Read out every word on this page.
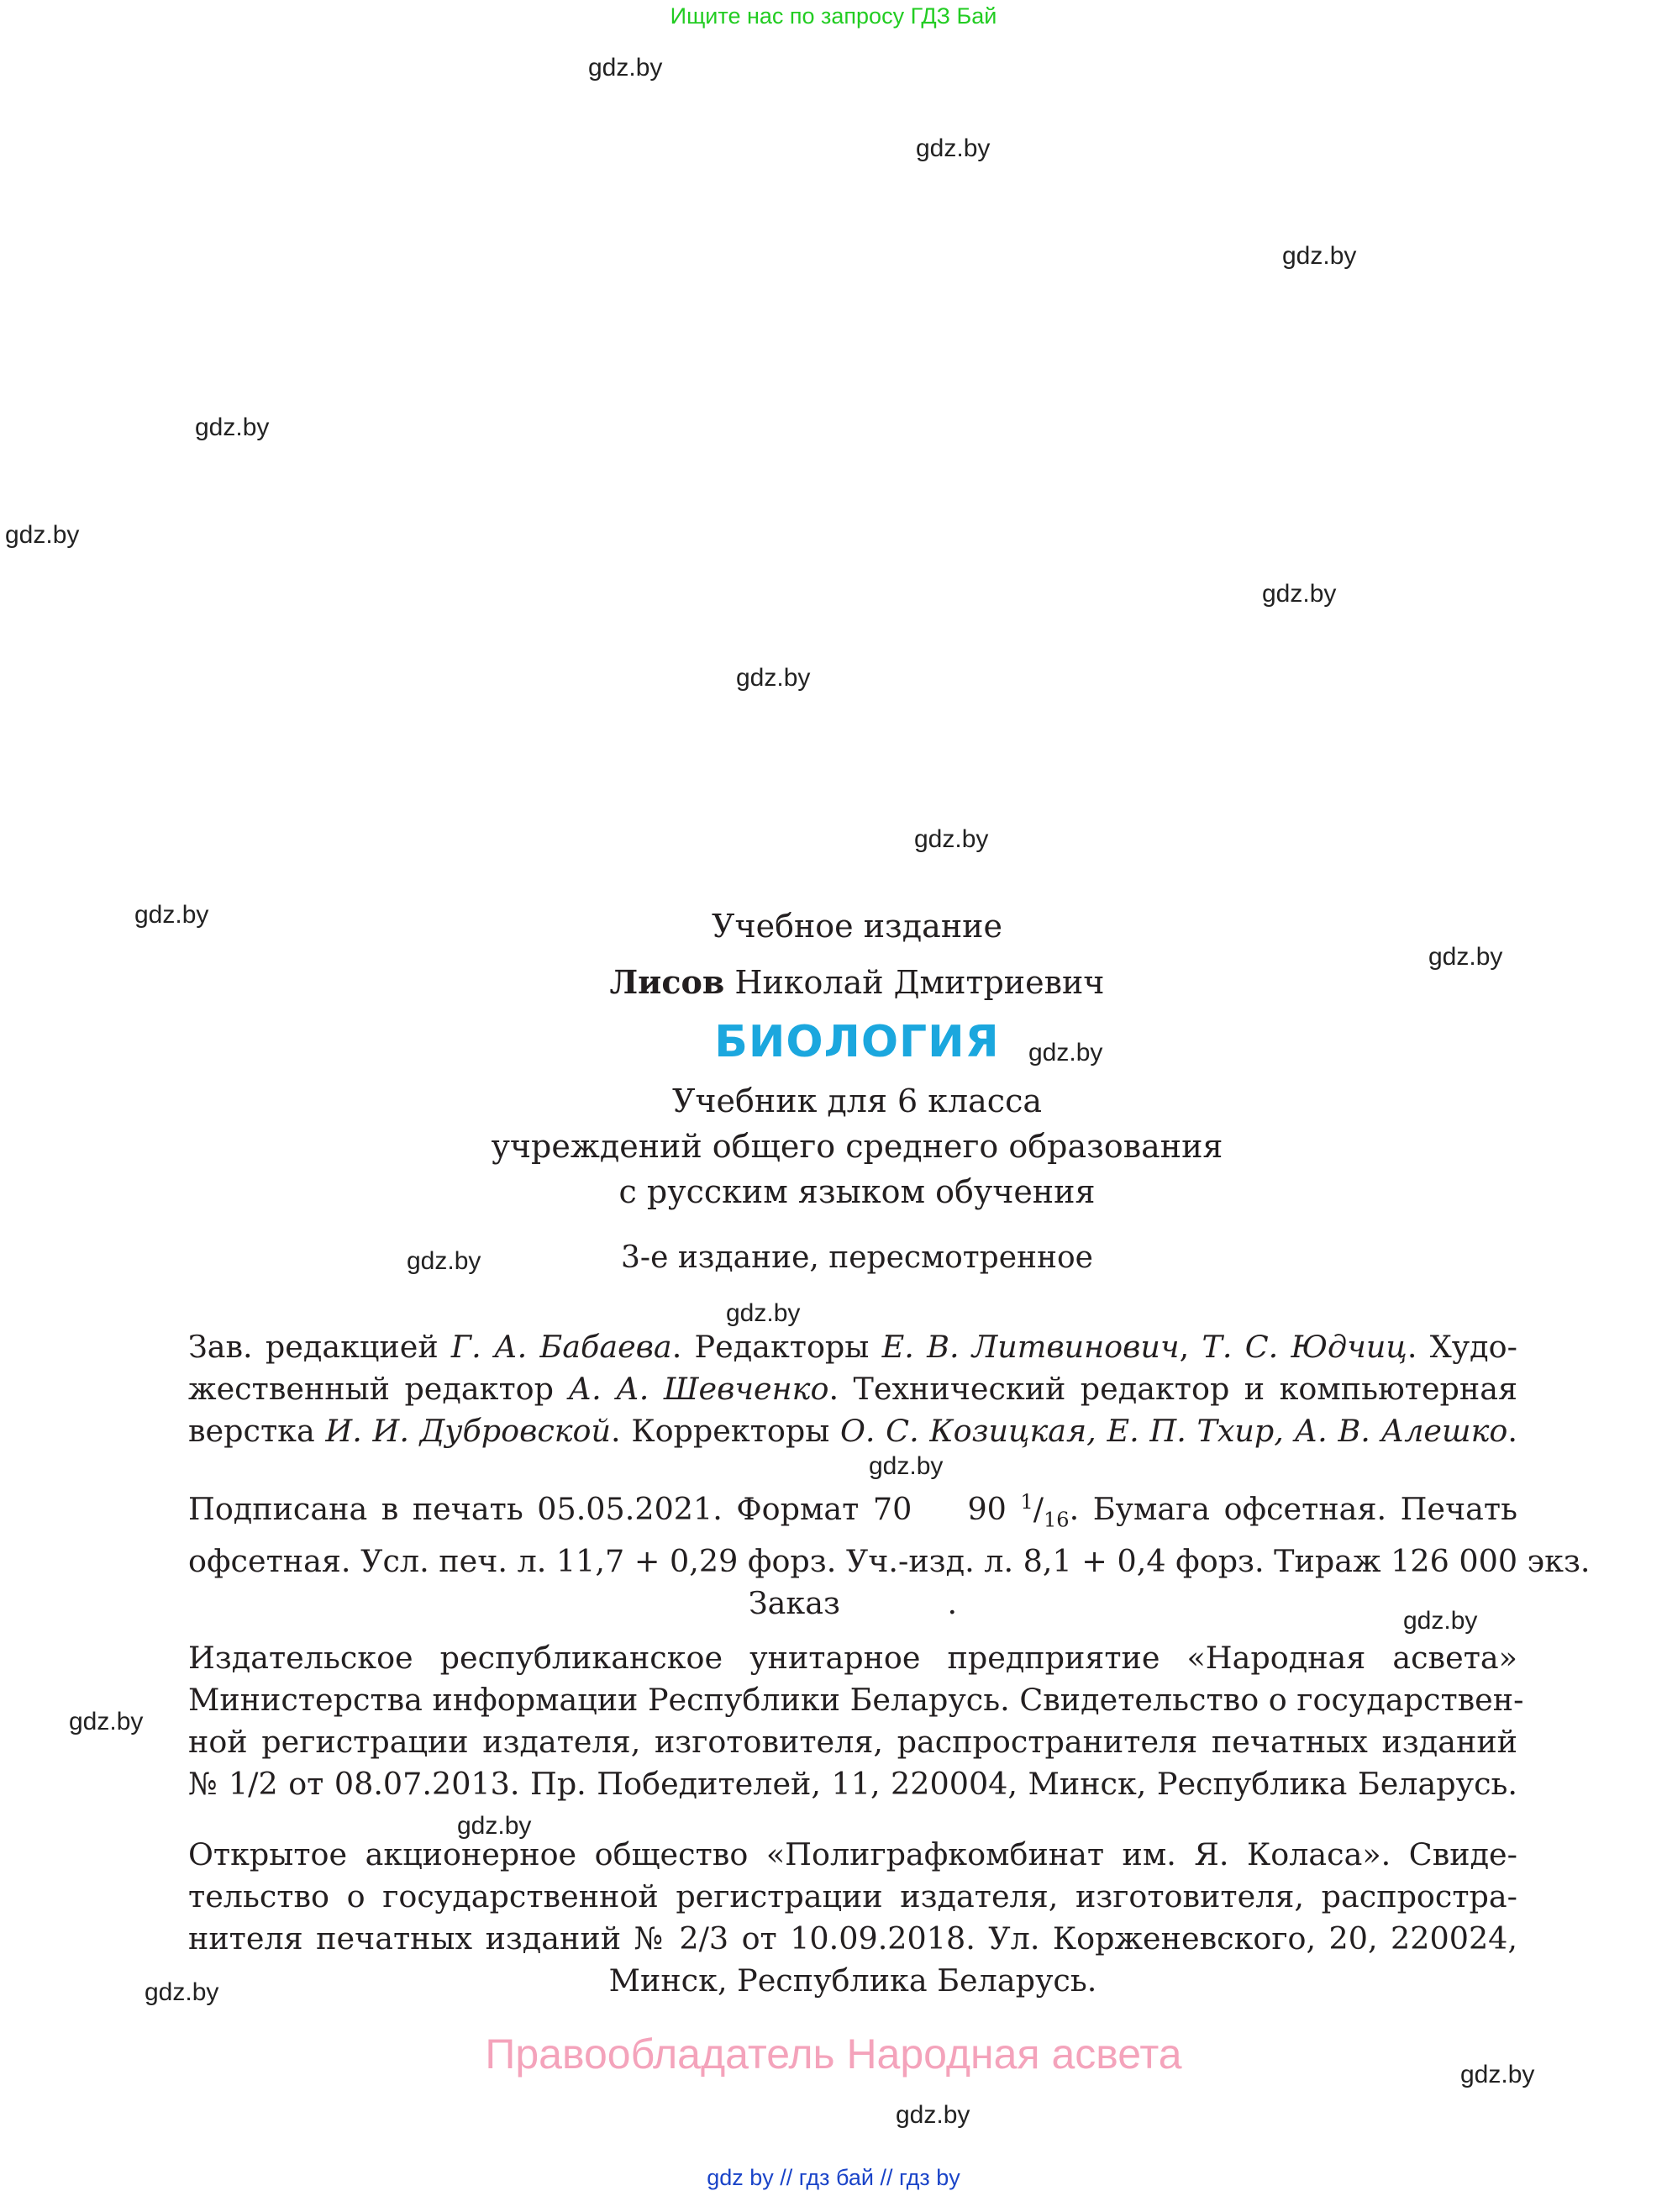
Ищите нас по запросу ГДЗ Бай
gdz.by
gdz.by
gdz.by
gdz.by
gdz.by
gdz.by
gdz.by
gdz.by
gdz.by
gdz.by
gdz.by
gdz.by
gdz.by
gdz.by
gdz.by
gdz.by
gdz.by
gdz.by
gdz.by
gdz.by
Учебное издание
Лисов Николай Дмитриевич
БИОЛОГИЯ
Учебник для 6 класса
учреждений общего среднего образования
с русским языком обучения
3-е издание, пересмотренное
Зав. редакцией Г. А. Бабаева. Редакторы Е. В. Литвинович, Т. С. Юдчиц. Худо-
жественный редактор А. А. Шевченко. Технический редактор и компьютерная
верстка И. И. Дубровской. Корректоры О. С. Козицкая, Е. П. Тхир, А. В. Алешко.
Подписана в печать 05.05.2021. Формат 70 90 $^1/_{16}$. Бумага офсетная. Печать
офсетная. Усл. печ. л. 11,7 + 0,29 форз. Уч.-изд. л. 8,1 + 0,4 форз. Тираж 126 000 экз.
Заказ	.
Издательское республиканское унитарное предприятие «Народная асвета»
Министерства информации Республики Беларусь. Свидетельство о государствен-
ной регистрации издателя, изготовителя, распространителя печатных изданий
№ 1/2 от 08.07.2013. Пр. Победителей, 11, 220004, Минск, Республика Беларусь.
Открытое акционерное общество «Полиграфкомбинат им. Я. Коласа». Свиде-
тельство о государственной регистрации издателя, изготовителя, распростра-
нителя печатных изданий № 2/3 от 10.09.2018. Ул. Корженевского, 20, 220024,
Минск, Республика Беларусь.
Правообладатель Народная асвета
gdz by // гдз бай // гдз by
